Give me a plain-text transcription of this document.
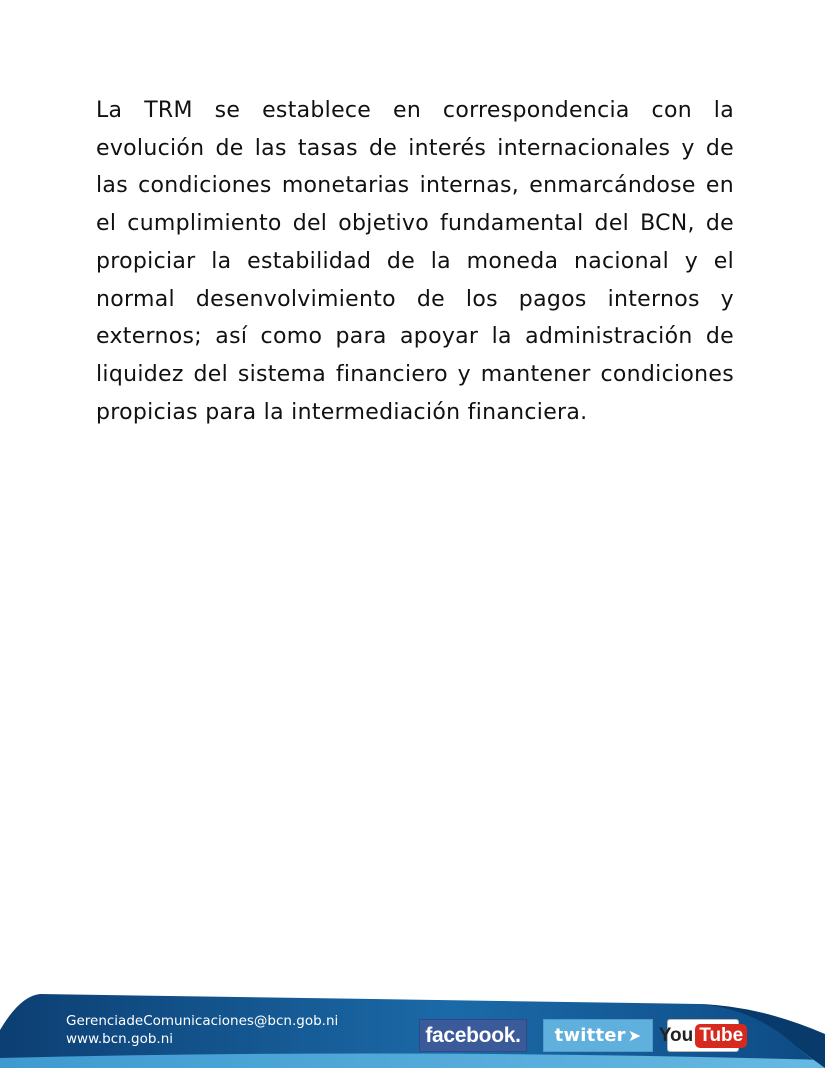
La TRM se establece en correspondencia con la evolución de las tasas de interés internacionales y de las condiciones monetarias internas, enmarcándose en el cumplimiento del objetivo fundamental del BCN, de propiciar la estabilidad de la moneda nacional y el normal desenvolvimiento de los pagos internos y externos; así como para apoyar la administración de liquidez del sistema financiero y mantener condiciones propicias para la intermediación financiera.
GerenciadeComunicaciones@bcn.gob.ni
www.bcn.gob.ni	facebook. twitter ➤ You Tube
